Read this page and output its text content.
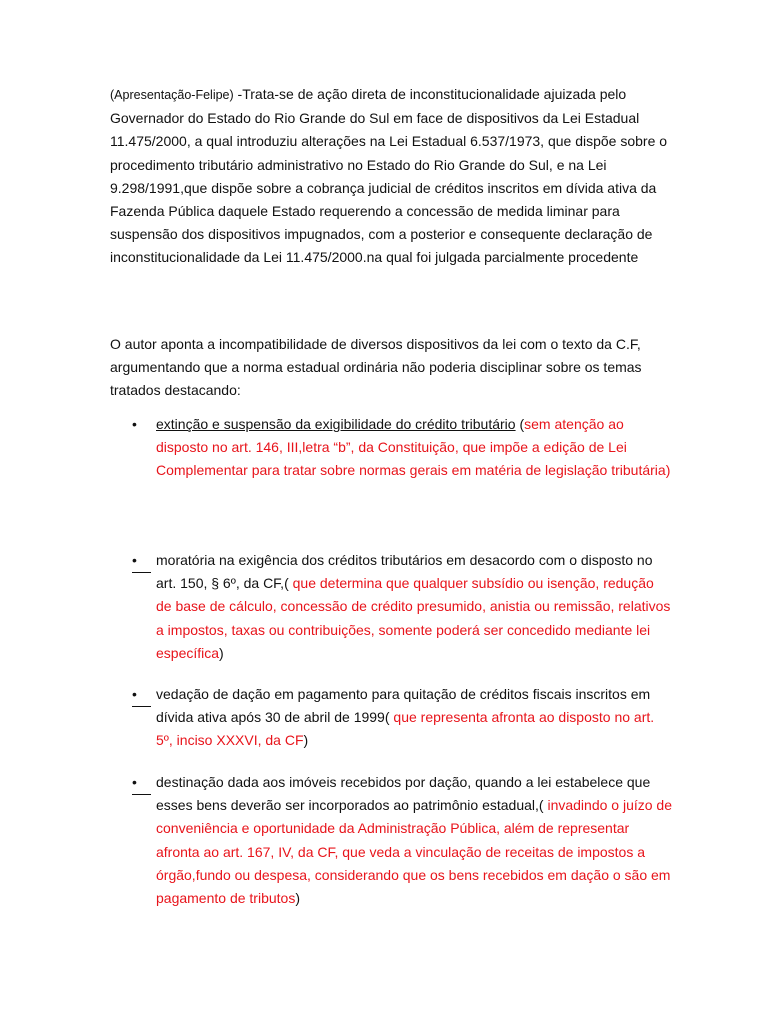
(Apresentação-Felipe) -Trata-se de ação direta de inconstitucionalidade ajuizada pelo Governador do Estado do Rio Grande do Sul em face de dispositivos da Lei Estadual 11.475/2000, a qual introduziu alterações na Lei Estadual 6.537/1973, que dispõe sobre o procedimento tributário administrativo no Estado do Rio Grande do Sul, e na Lei 9.298/1991,que dispõe sobre a cobrança judicial de créditos inscritos em dívida ativa da Fazenda Pública daquele Estado requerendo a concessão de medida liminar para suspensão dos dispositivos impugnados, com a posterior e consequente declaração de inconstitucionalidade da Lei 11.475/2000.na qual foi julgada parcialmente procedente

O autor aponta a incompatibilidade de diversos dispositivos da lei com o texto da C.F, argumentando que a norma estadual ordinária não poderia disciplinar sobre os temas tratados destacando:

• extinção e suspensão da exigibilidade do crédito tributário (sem atenção ao disposto no art. 146, III,letra “b”, da Constituição, que impõe a edição de Lei Complementar para tratar sobre normas gerais em matéria de legislação tributária)

•	moratória na exigência dos créditos tributários em desacordo com o disposto no art. 150, § 6º, da CF,( que determina que qualquer subsídio ou isenção, redução de base de cálculo, concessão de crédito presumido, anistia ou remissão, relativos a impostos, taxas ou contribuições, somente poderá ser concedido mediante lei específica)

•	vedação de dação em pagamento para quitação de créditos fiscais inscritos em dívida ativa após 30 de abril de 1999( que representa afronta ao disposto no art. 5º, inciso XXXVI, da CF)

•	destinação dada aos imóveis recebidos por dação, quando a lei estabelece que esses bens deverão ser incorporados ao patrimônio estadual,( invadindo o juízo de conveniência e oportunidade da Administração Pública, além de representar afronta ao art. 167, IV, da CF, que veda a vinculação de receitas de impostos a órgão,fundo ou despesa, considerando que os bens recebidos em dação o são em pagamento de tributos)
